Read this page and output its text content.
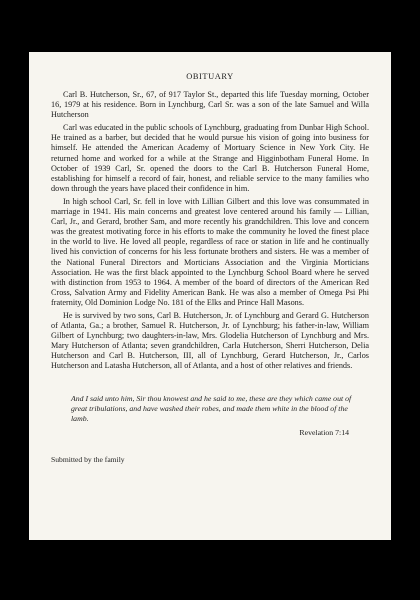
OBITUARY

Carl B. Hutcherson, Sr., 67, of 917 Taylor St., departed this life Tuesday morning, October 16, 1979 at his residence. Born in Lynchburg, Carl Sr. was a son of the late Samuel and Willa Hutcherson

Carl was educated in the public schools of Lynchburg, graduating from Dunbar High School. He trained as a barber, but decided that he would pursue his vision of going into business for himself. He attended the American Academy of Mortuary Science in New York City. He returned home and worked for a while at the Strange and Higginbotham Funeral Home. In October of 1939 Carl, Sr. opened the doors to the Carl B. Hutcherson Funeral Home, establishing for himself a record of fair, honest, and reliable service to the many families who down through the years have placed their confidence in him.

In high school Carl, Sr. fell in love with Lillian Gilbert and this love was consummated in marriage in 1941. His main concerns and greatest love centered around his family — Lillian, Carl, Jr., and Gerard, brother Sam, and more recently his grandchildren. This love and concern was the greatest motivating force in his efforts to make the community he loved the finest place in the world to live. He loved all people, regardless of race or station in life and he continually lived his conviction of concerns for his less fortunate brothers and sisters. He was a member of the National Funeral Directors and Morticians Association and the Virginia Morticians Association. He was the first black appointed to the Lynchburg School Board where he served with distinction from 1953 to 1964. A member of the board of directors of the American Red Cross, Salvation Army and Fidelity American Bank. He was also a member of Omega Psi Phi fraternity, Old Dominion Lodge No. 181 of the Elks and Prince Hall Masons.

He is survived by two sons, Carl B. Hutcherson, Jr. of Lynchburg and Gerard G. Hutcherson of Atlanta, Ga.; a brother, Samuel R. Hutcherson, Jr. of Lynchburg; his father-in-law, William Gilbert of Lynchburg; two daughters-in-law, Mrs. Glodelia Hutcherson of Lynchburg and Mrs. Mary Hutcherson of Atlanta; seven grandchildren, Carla Hutcherson, Sherri Hutcherson, Delia Hutcherson and Carl B. Hutcherson, III, all of Lynchburg, Gerard Hutcherson, Jr., Carlos Hutcherson and Latasha Hutcherson, all of Atlanta, and a host of other relatives and friends.

And I said unto him, Sir thou knowest and he said to me, these are they which came out of great tribulations, and have washed their robes, and made them white in the blood of the lamb.
Revelation 7:14
Submitted by the family
